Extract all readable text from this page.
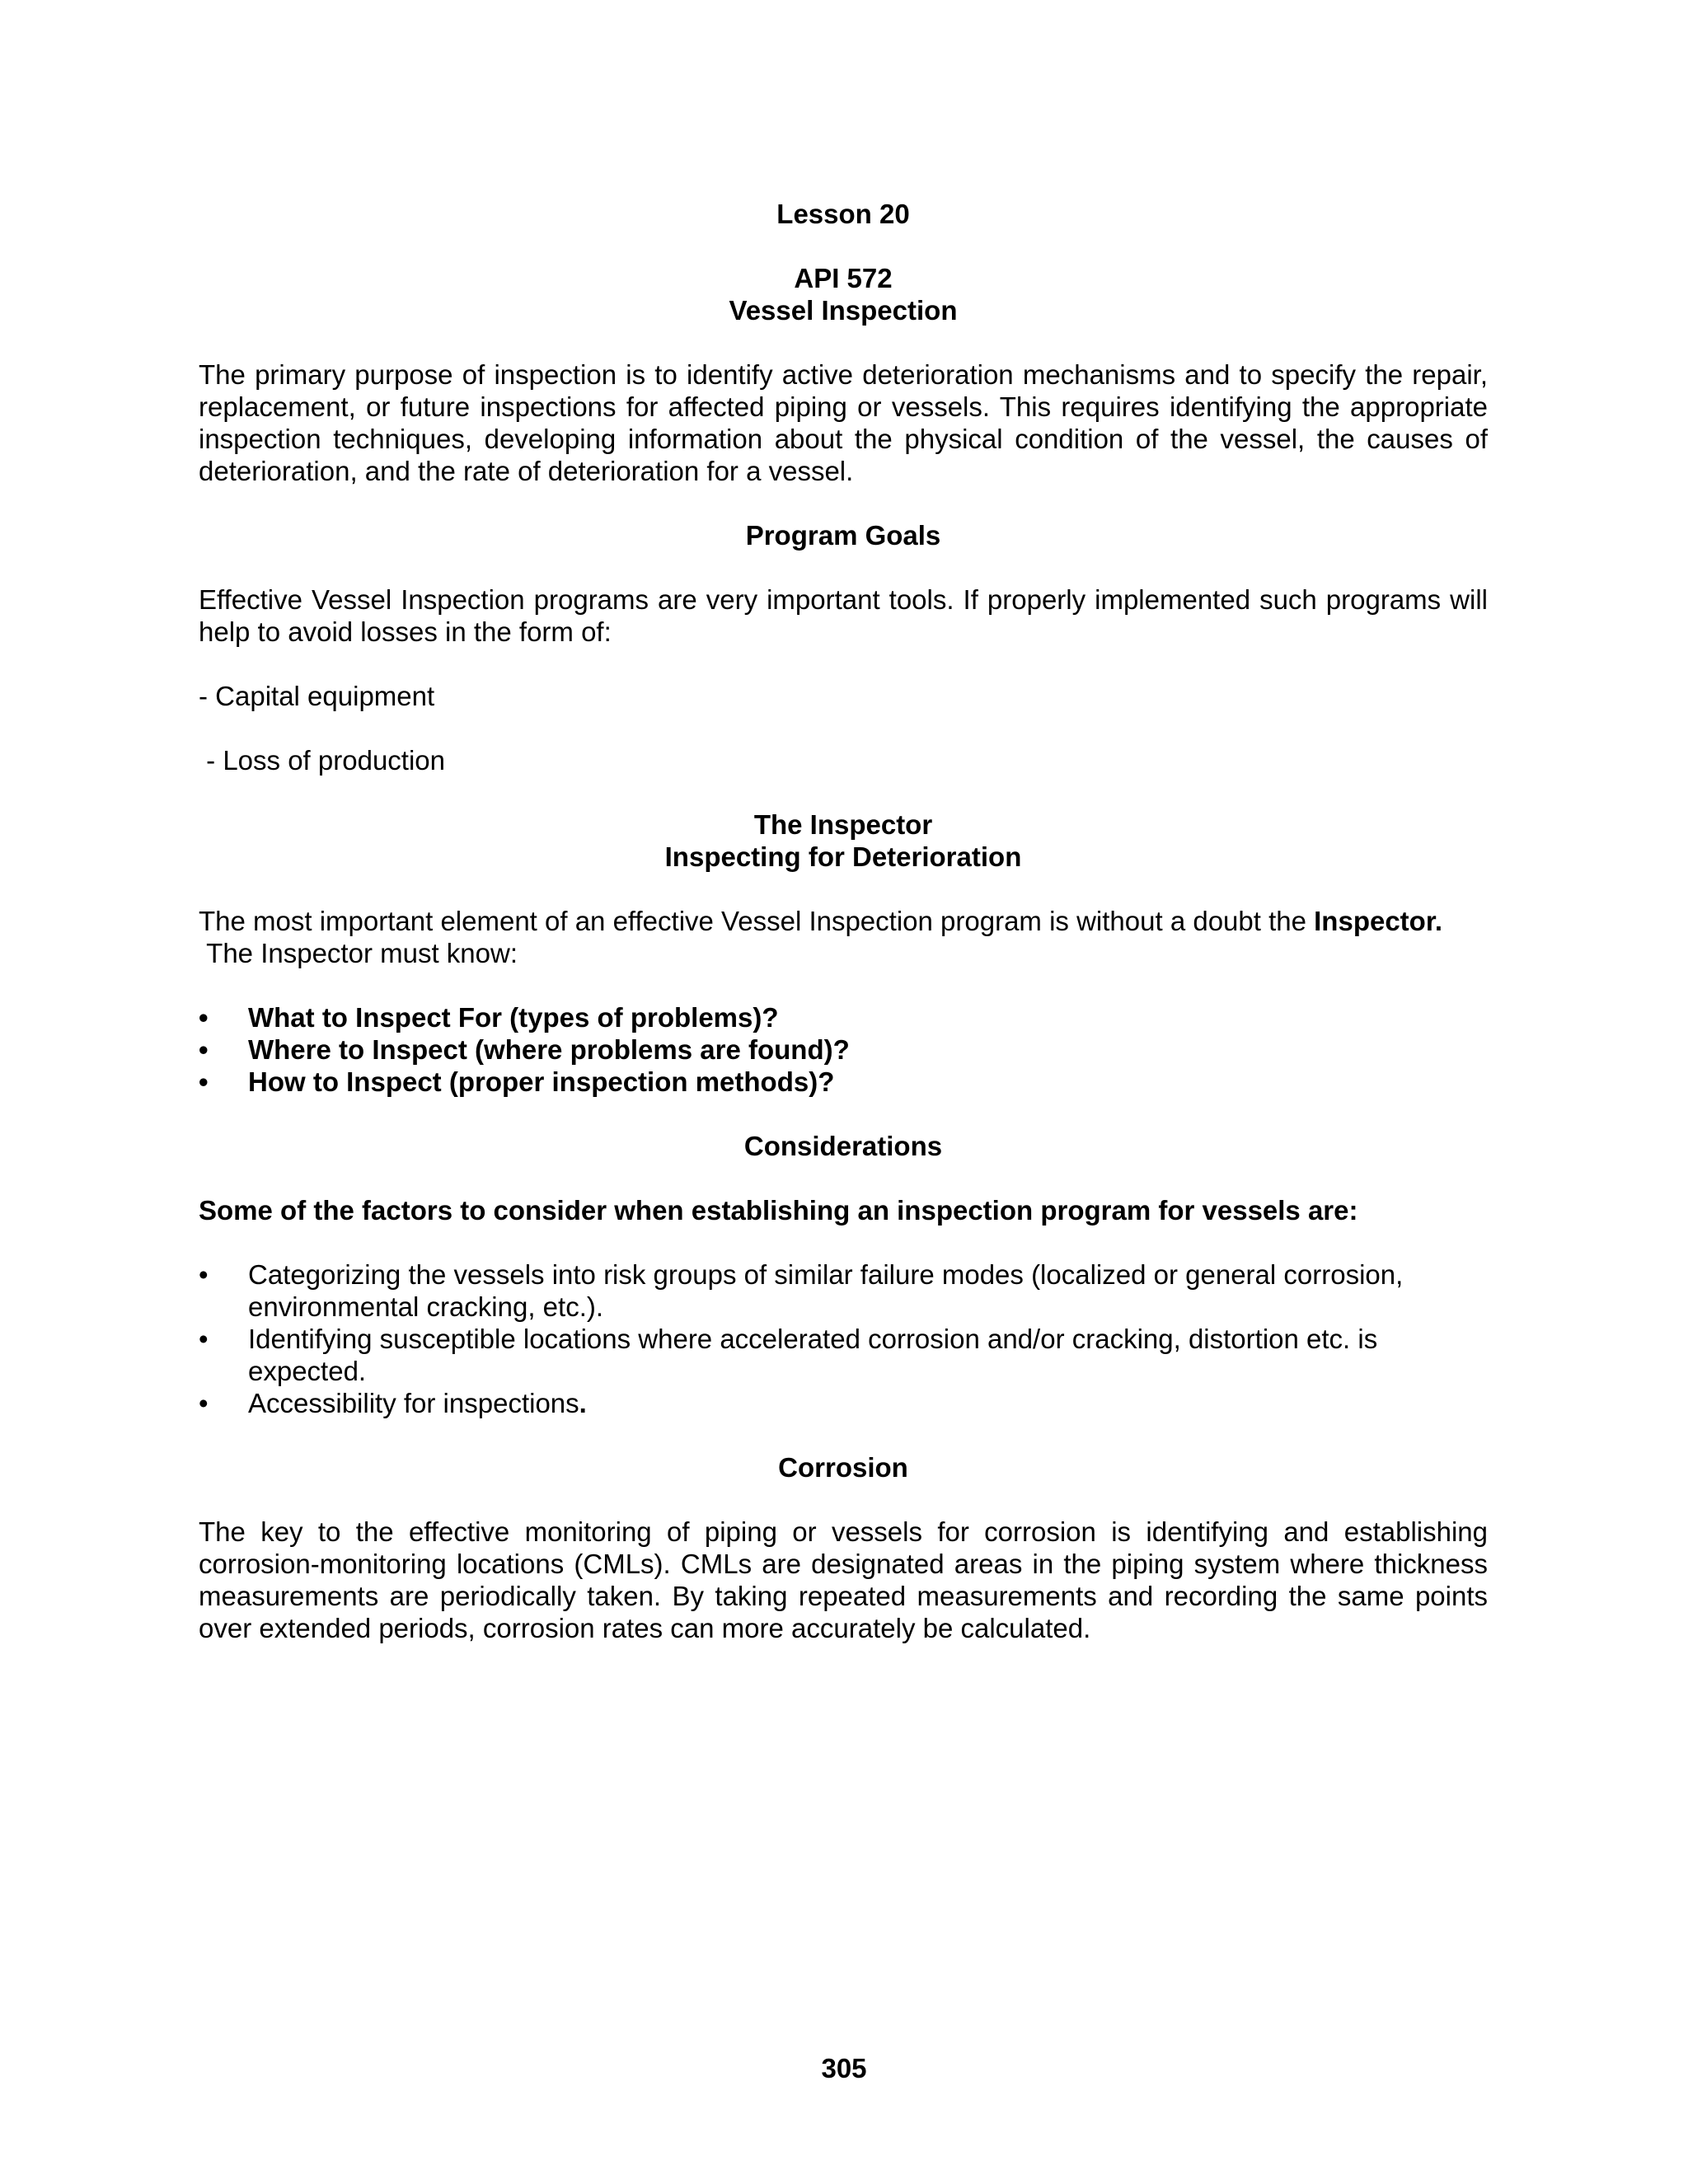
Lesson 20
API 572
Vessel Inspection

The primary purpose of inspection is to identify active deterioration mechanisms and to specify the repair, replacement, or future inspections for affected piping or vessels. This requires identifying the appropriate inspection techniques, developing information about the physical condition of the vessel, the causes of deterioration, and the rate of deterioration for a vessel.

Program Goals

Effective Vessel Inspection programs are very important tools. If properly implemented such programs will help to avoid losses in the form of:

- Capital equipment

- Loss of production

The Inspector
Inspecting for Deterioration

The most important element of an effective Vessel Inspection program is without a doubt the Inspector.
The Inspector must know:

•	What to Inspect For (types of problems)?
•	Where to Inspect (where problems are found)?
•	How to Inspect (proper inspection methods)?
Considerations

Some of the factors to consider when establishing an inspection program for vessels are:

•	Categorizing the vessels into risk groups of similar failure modes (localized or general corrosion, environmental cracking, etc.).
•	Identifying susceptible locations where accelerated corrosion and/or cracking, distortion etc. is expected.
•	Accessibility for inspections.
Corrosion

The key to the effective monitoring of piping or vessels for corrosion is identifying and establishing corrosion-monitoring locations (CMLs). CMLs are designated areas in the piping system where thickness measurements are periodically taken. By taking repeated measurements and recording the same points over extended periods, corrosion rates can more accurately be calculated.

305
